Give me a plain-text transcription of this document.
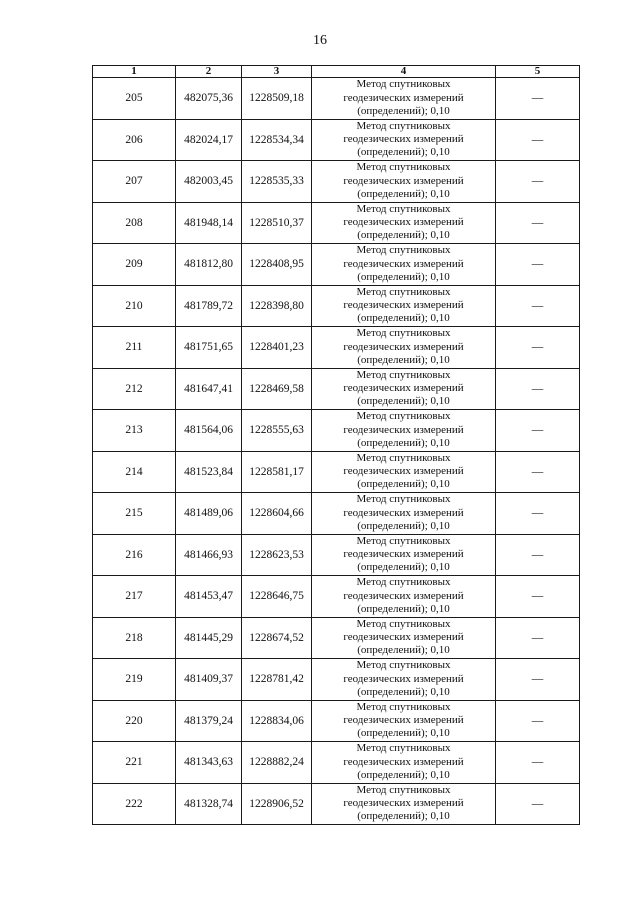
16
1	2	3	4	5
205	482075,36	1228509,18	Метод спутниковых
геодезических измерений
(определений); 0,10	—
206	482024,17	1228534,34	Метод спутниковых
геодезических измерений
(определений); 0,10	—
207	482003,45	1228535,33	Метод спутниковых
геодезических измерений
(определений); 0,10	—
208	481948,14	1228510,37	Метод спутниковых
геодезических измерений
(определений); 0,10	—
209	481812,80	1228408,95	Метод спутниковых
геодезических измерений
(определений); 0,10	—
210	481789,72	1228398,80	Метод спутниковых
геодезических измерений
(определений); 0,10	—
211	481751,65	1228401,23	Метод спутниковых
геодезических измерений
(определений); 0,10	—
212	481647,41	1228469,58	Метод спутниковых
геодезических измерений
(определений); 0,10	—
213	481564,06	1228555,63	Метод спутниковых
геодезических измерений
(определений); 0,10	—
214	481523,84	1228581,17	Метод спутниковых
геодезических измерений
(определений); 0,10	—
215	481489,06	1228604,66	Метод спутниковых
геодезических измерений
(определений); 0,10	—
216	481466,93	1228623,53	Метод спутниковых
геодезических измерений
(определений); 0,10	—
217	481453,47	1228646,75	Метод спутниковых
геодезических измерений
(определений); 0,10	—
218	481445,29	1228674,52	Метод спутниковых
геодезических измерений
(определений); 0,10	—
219	481409,37	1228781,42	Метод спутниковых
геодезических измерений
(определений); 0,10	—
220	481379,24	1228834,06	Метод спутниковых
геодезических измерений
(определений); 0,10	—
221	481343,63	1228882,24	Метод спутниковых
геодезических измерений
(определений); 0,10	—
222	481328,74	1228906,52	Метод спутниковых
геодезических измерений
(определений); 0,10	—
